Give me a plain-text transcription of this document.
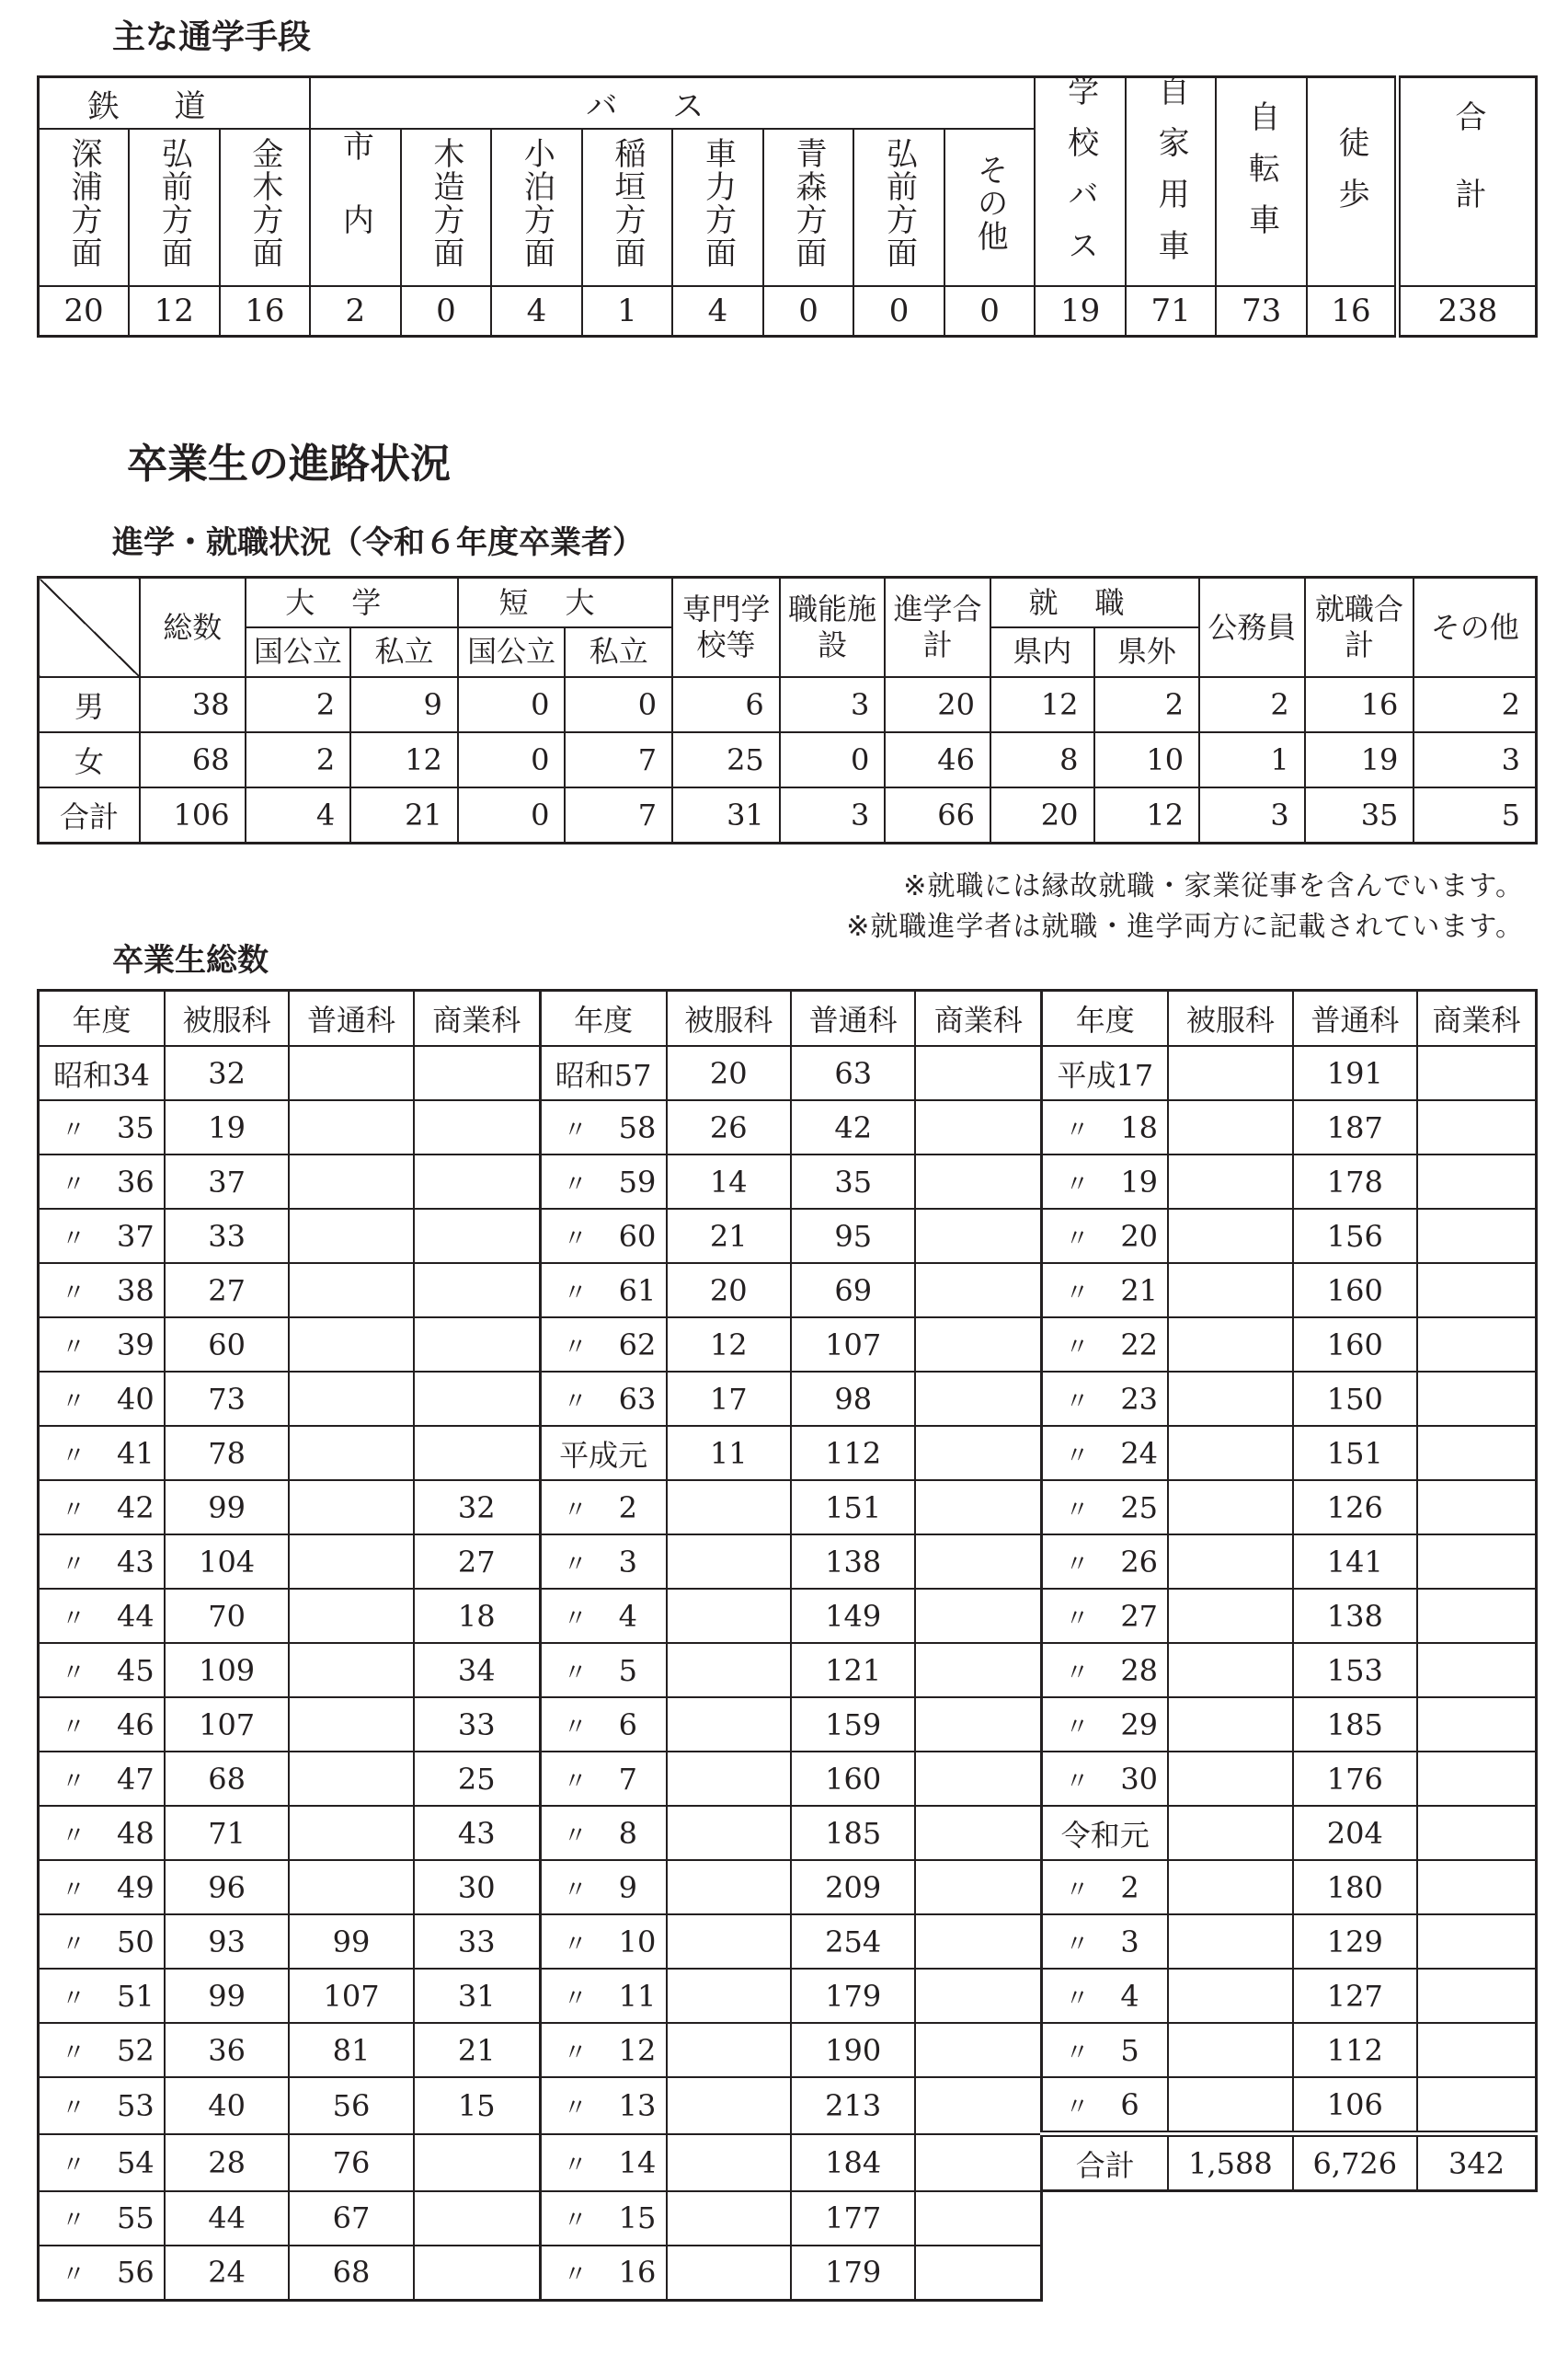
主な通学手段
鉄道			バス								学校バス	自家用車	自転車	徒歩	合計
深浦方面	弘前方面	金木方面	市内	木造方面	小泊方面	稲垣方面	車力方面	青森方面	弘前方面	その他					
20	12	16	2	0	4	1	4	0	0	0	19	71	73	16	238
卒業生の進路状況
進学・就職状況（令和６年度卒業者）
	総数	大学		短大		専門学校等	職能施設	進学合計	就職		公務員	就職合計	その他
		国公立	私立	国公立	私立				県内	県外			
男	38	2	9	0	0	6	3	20	12	2	2	16	2
女	68	2	12	0	7	25	0	46	8	10	1	19	3
合計	106	4	21	0	7	31	3	66	20	12	3	35	5

※就職には縁故就職・家業従事を含んでいます。

※就職進学者は就職・進学両方に記載されています。

卒業生総数
年度	被服科	普通科	商業科	年度	被服科	普通科	商業科	年度	被服科	普通科	商業科
昭和34	32			昭和57	20	63		平成17		191	
〃 35	19			〃 58	26	42		〃 18		187	
〃 36	37			〃 59	14	35		〃 19		178	
〃 37	33			〃 60	21	95		〃 20		156	
〃 38	27			〃 61	20	69		〃 21		160	
〃 39	60			〃 62	12	107		〃 22		160	
〃 40	73			〃 63	17	98		〃 23		150	
〃 41	78			平成元	11	112		〃 24		151	
〃 42	99		32	〃 2		151		〃 25		126	
〃 43	104		27	〃 3		138		〃 26		141	
〃 44	70		18	〃 4		149		〃 27		138	
〃 45	109		34	〃 5		121		〃 28		153	
〃 46	107		33	〃 6		159		〃 29		185	
〃 47	68		25	〃 7		160		〃 30		176	
〃 48	71		43	〃 8		185		令和元		204	
〃 49	96		30	〃 9		209		〃 2		180	
〃 50	93	99	33	〃 10		254		〃 3		129	
〃 51	99	107	31	〃 11		179		〃 4		127	
〃 52	36	81	21	〃 12		190		〃 5		112	
〃 53	40	56	15	〃 13		213		〃 6		106	
〃 54	28	76		〃 14		184		合計	1,588	6,726	342
〃 55	44	67		〃 15		177					
〃 56	24	68		〃 16		179					
